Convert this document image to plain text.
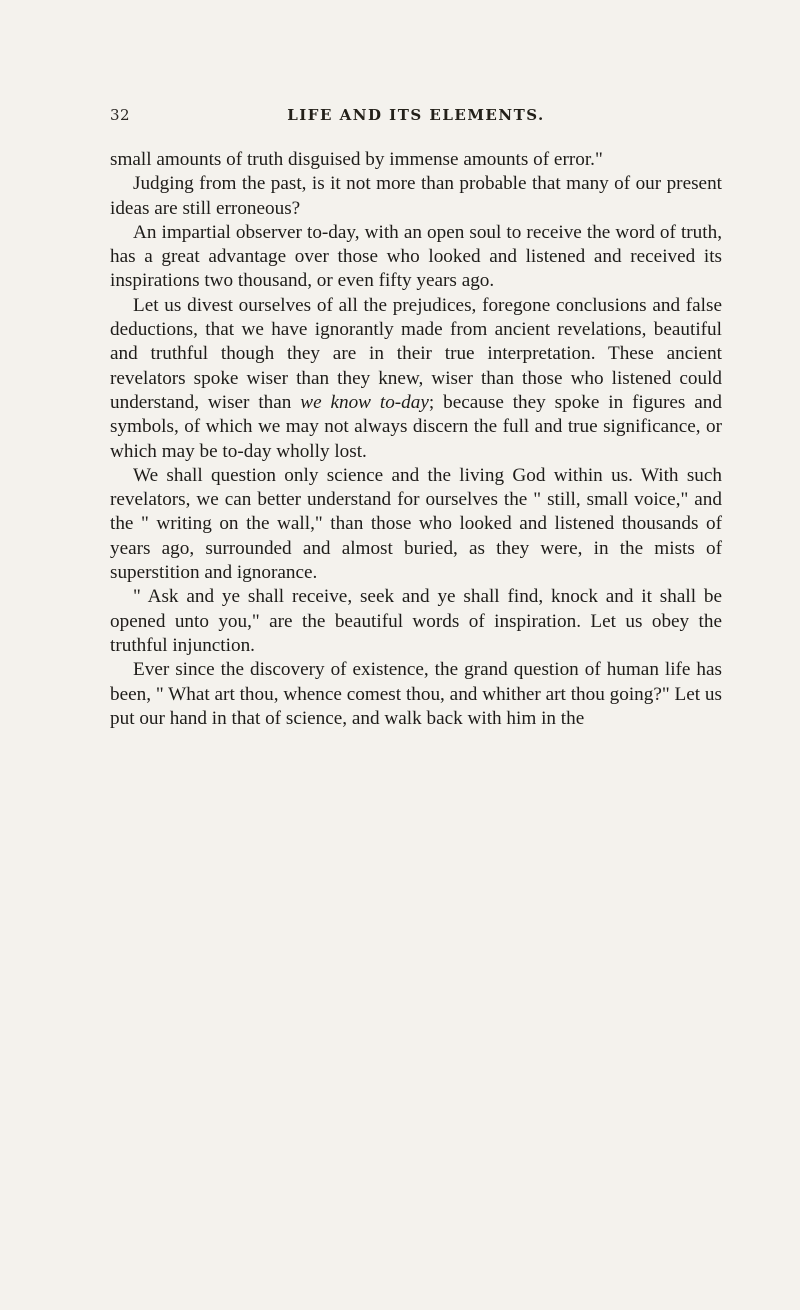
32	LIFE AND ITS ELEMENTS.

small amounts of truth disguised by immense amounts of error."

Judging from the past, is it not more than probable that many of our present ideas are still erroneous?

An impartial observer to-day, with an open soul to receive the word of truth, has a great advantage over those who looked and listened and received its inspirations two thousand, or even fifty years ago.

Let us divest ourselves of all the prejudices, foregone conclusions and false deductions, that we have ignorantly made from ancient revelations, beautiful and truthful though they are in their true interpretation. These ancient revelators spoke wiser than they knew, wiser than those who listened could understand, wiser than we know to-day; because they spoke in figures and symbols, of which we may not always discern the full and true significance, or which may be to-day wholly lost.

We shall question only science and the living God within us. With such revelators, we can better understand for ourselves the " still, small voice," and the " writing on the wall," than those who looked and listened thousands of years ago, surrounded and almost buried, as they were, in the mists of superstition and ignorance.

" Ask and ye shall receive, seek and ye shall find, knock and it shall be opened unto you," are the beautiful words of inspiration. Let us obey the truthful injunction.

Ever since the discovery of existence, the grand question of human life has been, " What art thou, whence comest thou, and whither art thou going?" Let us put our hand in that of science, and walk back with him in the
